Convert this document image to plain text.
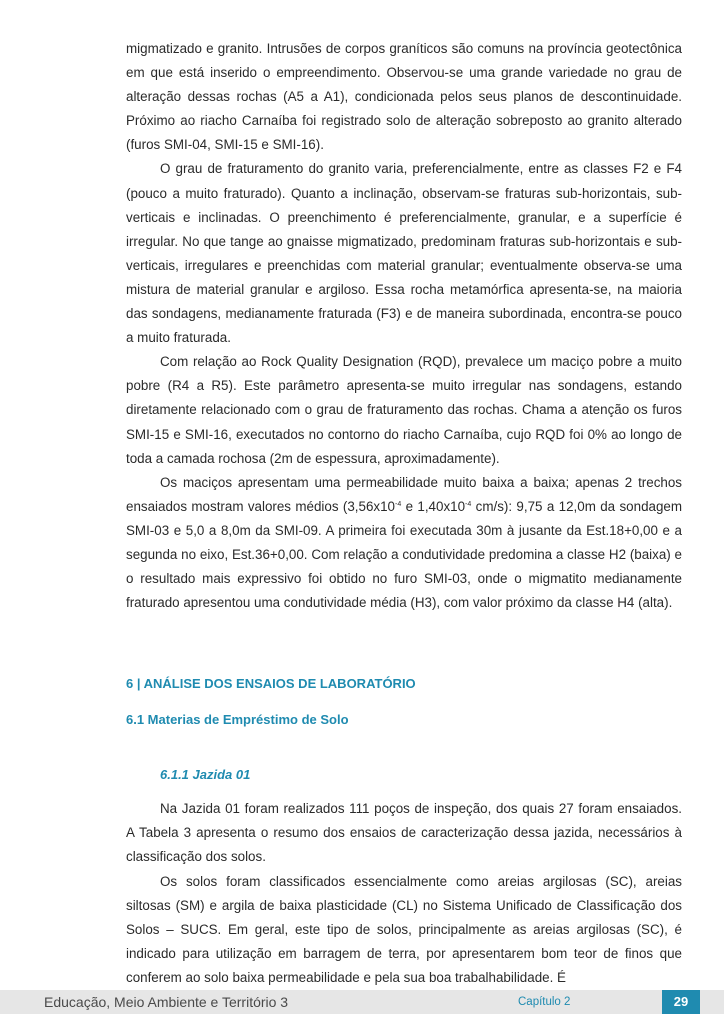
migmatizado e granito. Intrusões de corpos graníticos são comuns na província geotectônica em que está inserido o empreendimento. Observou-se uma grande variedade no grau de alteração dessas rochas (A5 a A1), condicionada pelos seus planos de descontinuidade. Próximo ao riacho Carnaíba foi registrado solo de alteração sobreposto ao granito alterado (furos SMI-04, SMI-15 e SMI-16).

O grau de fraturamento do granito varia, preferencialmente, entre as classes F2 e F4 (pouco a muito fraturado). Quanto a inclinação, observam-se fraturas sub-horizontais, sub-verticais e inclinadas. O preenchimento é preferencialmente, granular, e a superfície é irregular. No que tange ao gnaisse migmatizado, predominam fraturas sub-horizontais e sub-verticais, irregulares e preenchidas com material granular; eventualmente observa-se uma mistura de material granular e argiloso. Essa rocha metamórfica apresenta-se, na maioria das sondagens, medianamente fraturada (F3) e de maneira subordinada, encontra-se pouco a muito fraturada.

Com relação ao Rock Quality Designation (RQD), prevalece um maciço pobre a muito pobre (R4 a R5). Este parâmetro apresenta-se muito irregular nas sondagens, estando diretamente relacionado com o grau de fraturamento das rochas. Chama a atenção os furos SMI-15 e SMI-16, executados no contorno do riacho Carnaíba, cujo RQD foi 0% ao longo de toda a camada rochosa (2m de espessura, aproximadamente).

Os maciços apresentam uma permeabilidade muito baixa a baixa; apenas 2 trechos ensaiados mostram valores médios ($3,56x10^{-4}$ e $1,40x10^{-4}$ cm/s): 9,75 a 12,0m da sondagem SMI-03 e 5,0 a 8,0m da SMI-09. A primeira foi executada 30m à jusante da Est.18+0,00 e a segunda no eixo, Est.36+0,00. Com relação a condutividade predomina a classe H2 (baixa) e o resultado mais expressivo foi obtido no furo SMI-03, onde o migmatito medianamente fraturado apresentou uma condutividade média (H3), com valor próximo da classe H4 (alta).

6 | ANÁLISE DOS ENSAIOS DE LABORATÓRIO
6.1 Materias de Empréstimo de Solo
6.1.1 Jazida 01

Na Jazida 01 foram realizados 111 poços de inspeção, dos quais 27 foram ensaiados. A Tabela 3 apresenta o resumo dos ensaios de caracterização dessa jazida, necessários à classificação dos solos.

Os solos foram classificados essencialmente como areias argilosas (SC), areias siltosas (SM) e argila de baixa plasticidade (CL) no Sistema Unificado de Classificação dos Solos – SUCS. Em geral, este tipo de solos, principalmente as areias argilosas (SC), é indicado para utilização em barragem de terra, por apresentarem bom teor de finos que conferem ao solo baixa permeabilidade e pela sua boa trabalhabilidade. É

Educação, Meio Ambiente e Território 3	Capítulo 2	29
